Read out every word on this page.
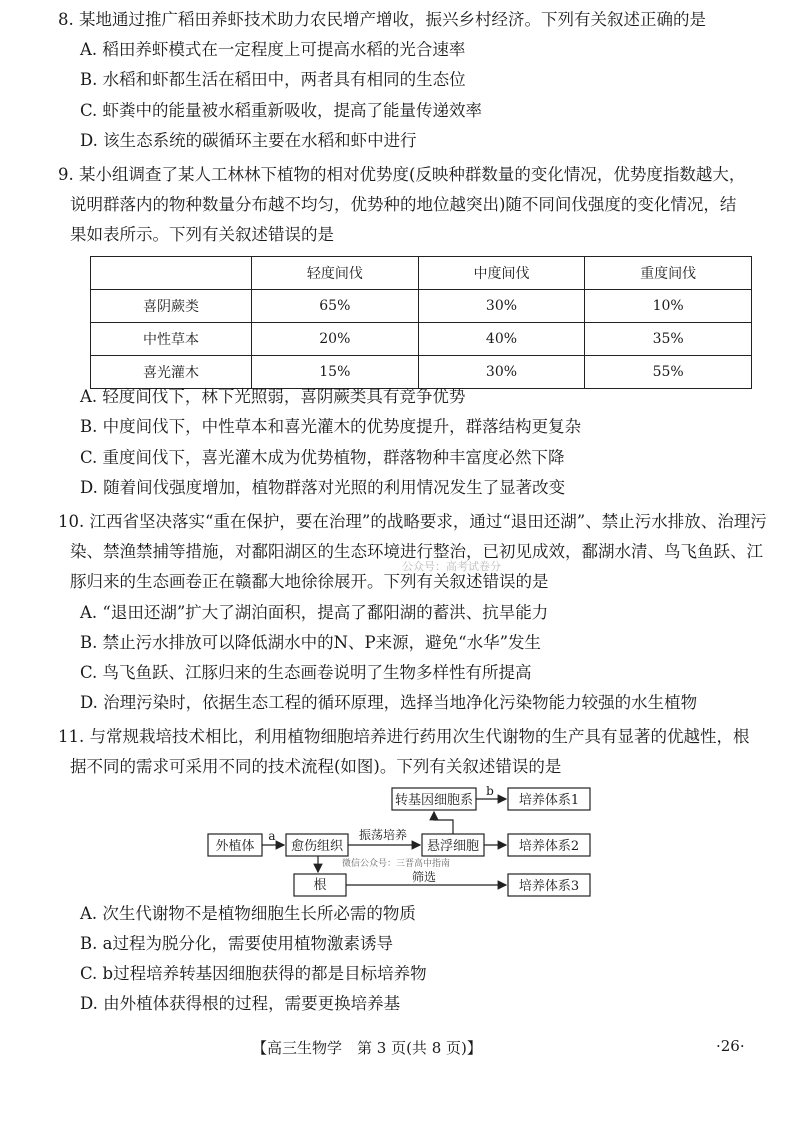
8. 某地通过推广稻田养虾技术助力农民增产增收，振兴乡村经济。下列有关叙述正确的是
A. 稻田养虾模式在一定程度上可提高水稻的光合速率
B. 水稻和虾都生活在稻田中，两者具有相同的生态位
C. 虾粪中的能量被水稻重新吸收，提高了能量传递效率
D. 该生态系统的碳循环主要在水稻和虾中进行
9. 某小组调查了某人工林林下植物的相对优势度(反映种群数量的变化情况，优势度指数越大，
说明群落内的物种数量分布越不均匀，优势种的地位越突出)随不同间伐强度的变化情况，结
果如表所示。下列有关叙述错误的是
	轻度间伐	中度间伐	重度间伐
喜阴蕨类	65%	30%	10%
中性草本	20%	40%	35%
喜光灌木	15%	30%	55%
A. 轻度间伐下，林下光照弱，喜阴蕨类具有竞争优势
B. 中度间伐下，中性草本和喜光灌木的优势度提升，群落结构更复杂
C. 重度间伐下，喜光灌木成为优势植物，群落物种丰富度必然下降
D. 随着间伐强度增加，植物群落对光照的利用情况发生了显著改变
10. 江西省坚决落实“重在保护，要在治理”的战略要求，通过“退田还湖”、禁止污水排放、治理污
染、禁渔禁捕等措施，对鄱阳湖区的生态环境进行整治，已初见成效，鄱湖水清、鸟飞鱼跃、江
豚归来的生态画卷正在赣鄱大地徐徐展开。下列有关叙述错误的是
公众号：高考试卷分
A. “退田还湖”扩大了湖泊面积，提高了鄱阳湖的蓄洪、抗旱能力
B. 禁止污水排放可以降低湖水中的N、P来源，避免“水华”发生
C. 鸟飞鱼跃、江豚归来的生态画卷说明了生物多样性有所提高
D. 治理污染时，依据生态工程的循环原理，选择当地净化污染物能力较强的水生植物
11. 与常规栽培技术相比，利用植物细胞培养进行药用次生代谢物的生产具有显著的优越性，根
据不同的需求可采用不同的技术流程(如图)。下列有关叙述错误的是
外植体	愈伤组织
转基因细胞系
悬浮细胞
根
培养体系1
培养体系2
培养体系3
a
b
振荡培养
筛选
微信公众号：三晋高中指南
A. 次生代谢物不是植物细胞生长所必需的物质
B. a过程为脱分化，需要使用植物激素诱导
C. b过程培养转基因细胞获得的都是目标培养物
D. 由外植体获得根的过程，需要更换培养基
【高三生物学　第 3 页(共 8 页)】	·26·
